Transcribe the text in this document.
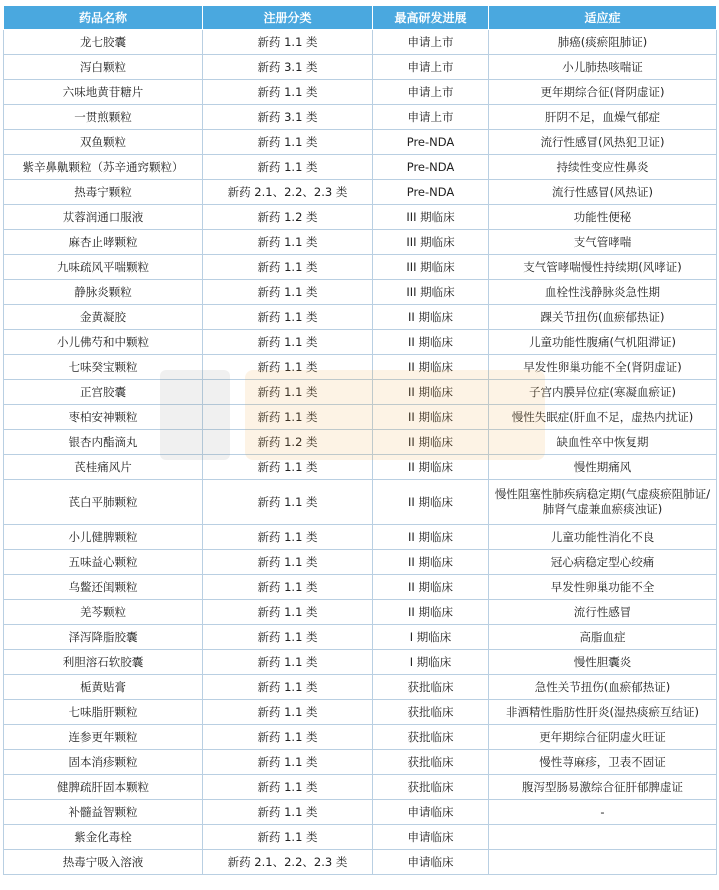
药品名称	注册分类	最高研发进展	适应症
龙七胶囊	新药 1.1 类	申请上市	肺癌(痰瘀阻肺证)
泻白颗粒	新药 3.1 类	申请上市	小儿肺热咳喘证
六味地黄苷糖片	新药 1.1 类	申请上市	更年期综合征(肾阴虚证)
一贯煎颗粒	新药 3.1 类	申请上市	肝阴不足，血燥气郁症
双鱼颗粒	新药 1.1 类	Pre-NDA	流行性感冒(风热犯卫证)
紫辛鼻鼽颗粒（苏辛通窍颗粒）	新药 1.1 类	Pre-NDA	持续性变应性鼻炎
热毒宁颗粒	新药 2.1、2.2、2.3 类	Pre-NDA	流行性感冒(风热证)
苁蓉润通口服液	新药 1.2 类	III 期临床	功能性便秘
麻杏止哮颗粒	新药 1.1 类	III 期临床	支气管哮喘
九味疏风平喘颗粒	新药 1.1 类	III 期临床	支气管哮喘慢性持续期(风哮证)
静脉炎颗粒	新药 1.1 类	III 期临床	血栓性浅静脉炎急性期
金黄凝胶	新药 1.1 类	II 期临床	踝关节扭伤(血瘀郁热证)
小儿佛芍和中颗粒	新药 1.1 类	II 期临床	儿童功能性腹痛(气机阻滞证)
七味癸宝颗粒	新药 1.1 类	II 期临床	早发性卵巢功能不全(肾阴虚证)
正宫胶囊	新药 1.1 类	II 期临床	子宫内膜异位症(寒凝血瘀证)
枣柏安神颗粒	新药 1.1 类	II 期临床	慢性失眠症(肝血不足，虚热内扰证)
银杏内酯滴丸	新药 1.2 类	II 期临床	缺血性卒中恢复期
芪桂痛风片	新药 1.1 类	II 期临床	慢性期痛风
芪白平肺颗粒	新药 1.1 类	II 期临床	慢性阻塞性肺疾病稳定期(气虚痰瘀阻肺证/肺肾气虚兼血瘀痰浊证)
小儿健脾颗粒	新药 1.1 类	II 期临床	儿童功能性消化不良
五味益心颗粒	新药 1.1 类	II 期临床	冠心病稳定型心绞痛
乌鳖还闺颗粒	新药 1.1 类	II 期临床	早发性卵巢功能不全
羌芩颗粒	新药 1.1 类	II 期临床	流行性感冒
泽泻降脂胶囊	新药 1.1 类	I 期临床	高脂血症
利胆溶石软胶囊	新药 1.1 类	I 期临床	慢性胆囊炎
栀黄贴膏	新药 1.1 类	获批临床	急性关节扭伤(血瘀郁热证)
七味脂肝颗粒	新药 1.1 类	获批临床	非酒精性脂肪性肝炎(湿热痰瘀互结证)
连参更年颗粒	新药 1.1 类	获批临床	更年期综合征阴虚火旺证
固本消疹颗粒	新药 1.1 类	获批临床	慢性荨麻疹，卫表不固证
健脾疏肝固本颗粒	新药 1.1 类	获批临床	腹泻型肠易激综合征肝郁脾虚证
补髓益智颗粒	新药 1.1 类	申请临床	-
紫金化毒栓	新药 1.1 类	申请临床	
热毒宁吸入溶液	新药 2.1、2.2、2.3 类	申请临床	
